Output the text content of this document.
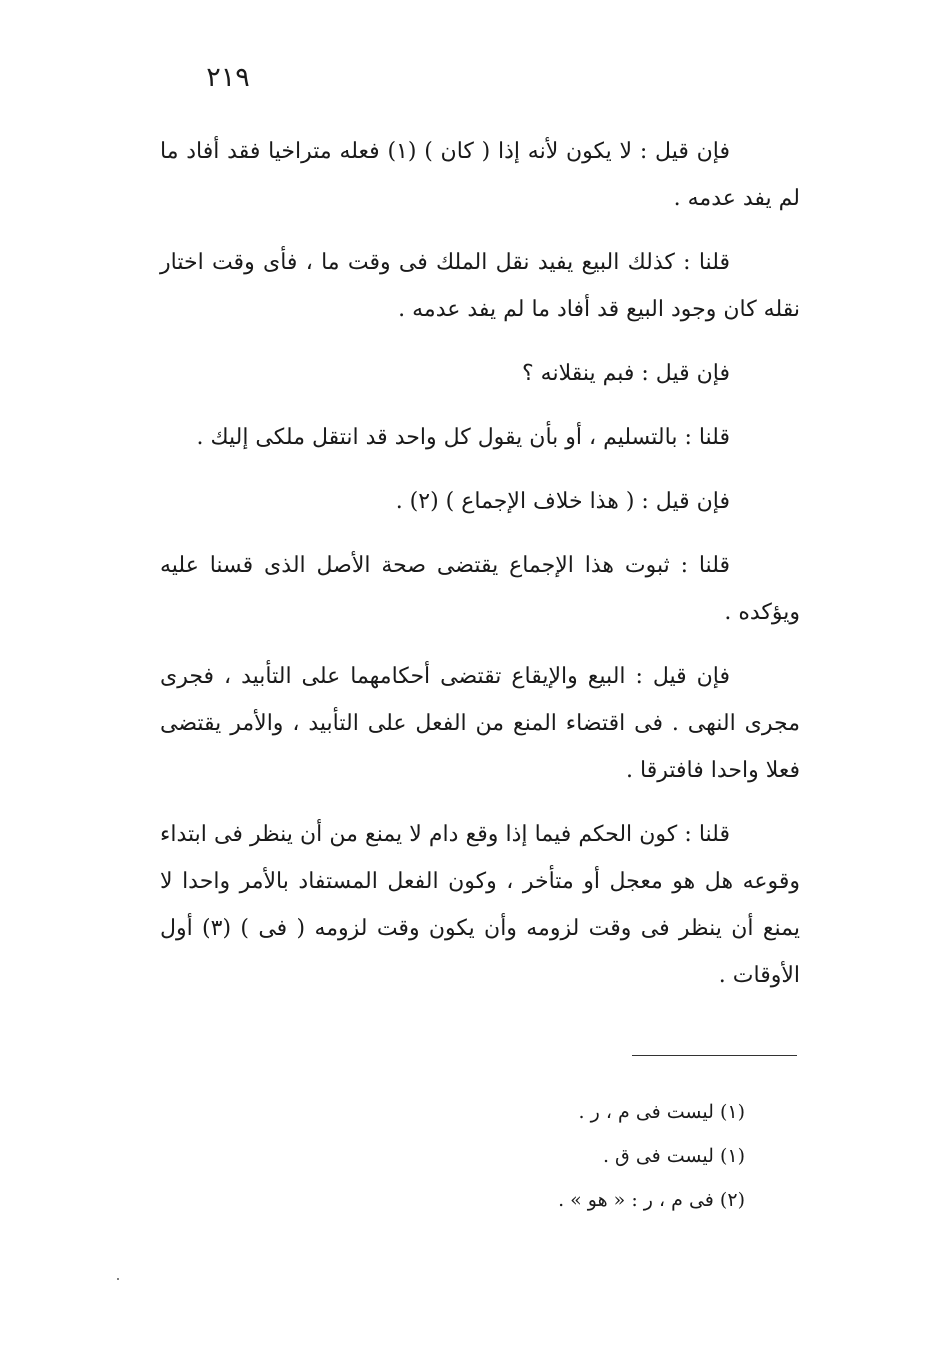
٢١٩

فإن قيل : لا يكون لأنه إذا ( كان ) (١) فعله متراخيا فقد أفاد ما لم يفد عدمه .

قلنا : كذلك البيع يفيد نقل الملك فى وقت ما ، فأى وقت اختار نقله كان وجود البيع قد أفاد ما لم يفد عدمه .

فإن قيل : فبم ينقلانه ؟

قلنا : بالتسليم ، أو بأن يقول كل واحد قد انتقل ملكى إليك .

فإن قيل : ( هذا خلاف الإجماع ) (٢) .

قلنا : ثبوت هذا الإجماع يقتضى صحة الأصل الذى قسنا عليه ويؤكده .

فإن قيل : البيع والإيقاع تقتضى أحكامهما على التأبيد ، فجرى مجرى النهى . فى اقتضاء المنع من الفعل على التأبيد ، والأمر يقتضى فعلا واحدا فافترقا .

قلنا : كون الحكم فيما إذا وقع دام لا يمنع من أن ينظر فى ابتداء وقوعه هل هو معجل أو متأخر ، وكون الفعل المستفاد بالأمر واحدا لا يمنع أن ينظر فى وقت لزومه وأن يكون وقت لزومه ( فى ) (٣) أول الأوقات .

(١) ليست فى م ، ر .
(١) ليست فى ق .
(٢) فى م ، ر : « هو » .
